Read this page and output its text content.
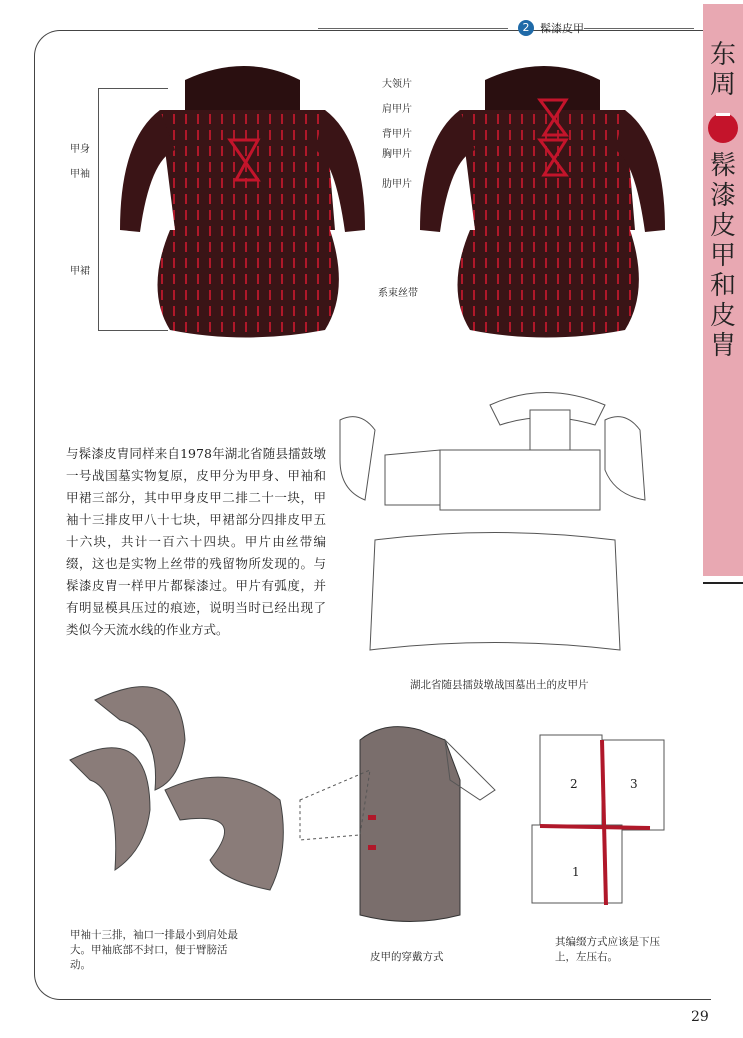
2 髹漆皮甲

东

周

髹

漆

皮

甲

和

皮

胄

甲身
甲袖
甲裙
大领片
肩甲片
背甲片
胸甲片
肋甲片
系束丝带
与髹漆皮胄同样来自1978年湖北省随县擂鼓墩一号战国墓实物复原，皮甲分为甲身、甲袖和甲裙三部分，其中甲身皮甲二排二十一块，甲袖十三排皮甲八十七块，甲裙部分四排皮甲五十六块，共计一百六十四块。甲片由丝带编缀，这也是实物上丝带的残留物所发现的。与髹漆皮胄一样甲片都髹漆过。甲片有弧度，并有明显模具压过的痕迹，说明当时已经出现了类似今天流水线的作业方式。
湖北省随县擂鼓墩战国墓出土的皮甲片
甲袖十三排，袖口一排最小到肩处最大。甲袖底部不封口，便于臂膀活动。
皮甲的穿戴方式
其编缀方式应该是下压上，左压右。
2	3
1
29
